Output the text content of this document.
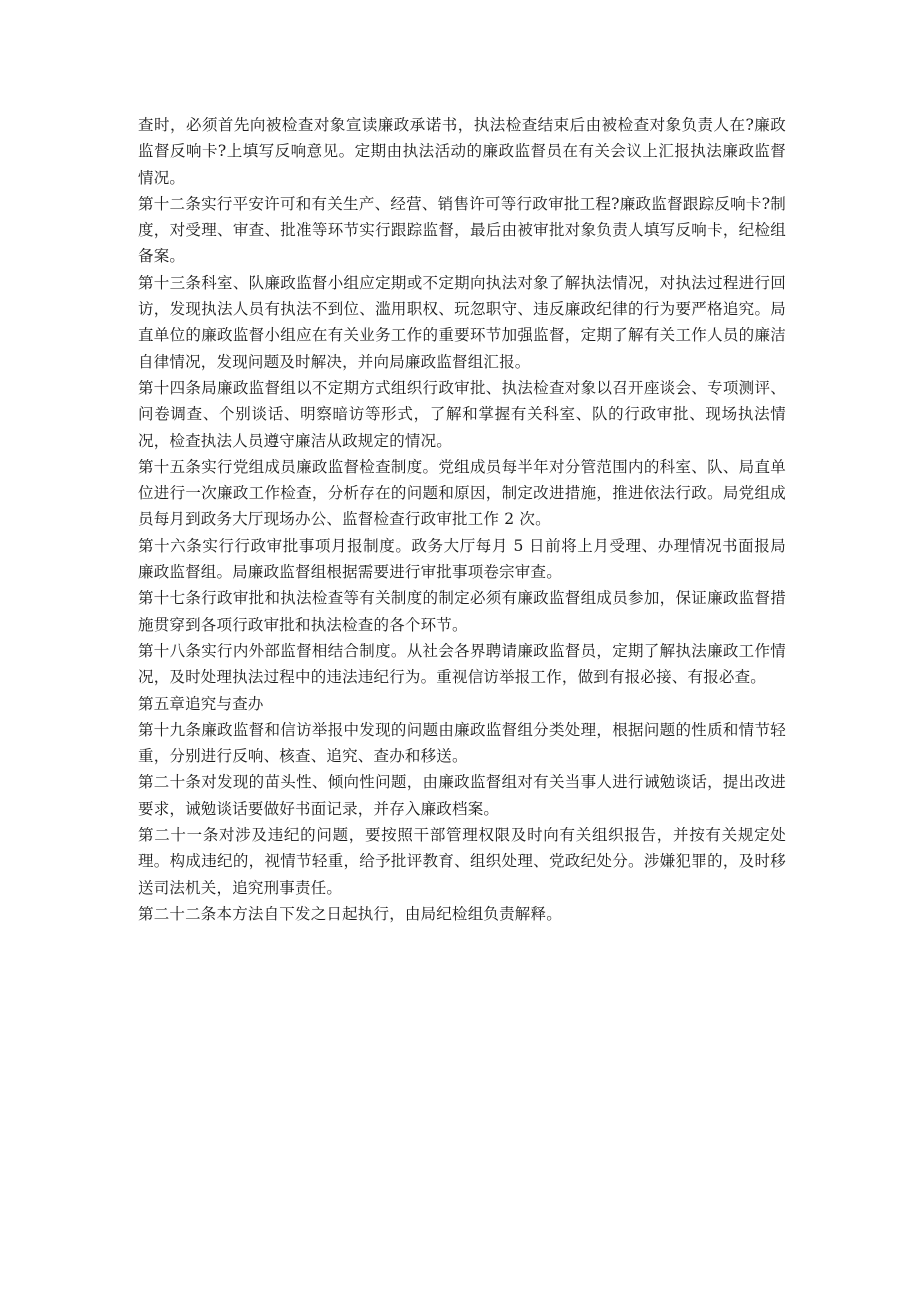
查时，必须首先向被检查对象宣读廉政承诺书，执法检查结束后由被检查对象负责人在?廉政监督反响卡?上填写反响意见。定期由执法活动的廉政监督员在有关会议上汇报执法廉政监督情况。

第十二条实行平安许可和有关生产、经营、销售许可等行政审批工程?廉政监督跟踪反响卡?制度，对受理、审查、批准等环节实行跟踪监督，最后由被审批对象负责人填写反响卡，纪检组备案。

第十三条科室、队廉政监督小组应定期或不定期向执法对象了解执法情况，对执法过程进行回访，发现执法人员有执法不到位、滥用职权、玩忽职守、违反廉政纪律的行为要严格追究。局直单位的廉政监督小组应在有关业务工作的重要环节加强监督，定期了解有关工作人员的廉洁自律情况，发现问题及时解决，并向局廉政监督组汇报。

第十四条局廉政监督组以不定期方式组织行政审批、执法检查对象以召开座谈会、专项测评、问卷调查、个别谈话、明察暗访等形式，了解和掌握有关科室、队的行政审批、现场执法情况，检查执法人员遵守廉洁从政规定的情况。

第十五条实行党组成员廉政监督检查制度。党组成员每半年对分管范围内的科室、队、局直单位进行一次廉政工作检查，分析存在的问题和原因，制定改进措施，推进依法行政。局党组成员每月到政务大厅现场办公、监督检查行政审批工作 2 次。

第十六条实行行政审批事项月报制度。政务大厅每月 5 日前将上月受理、办理情况书面报局廉政监督组。局廉政监督组根据需要进行审批事项卷宗审查。

第十七条行政审批和执法检查等有关制度的制定必须有廉政监督组成员参加，保证廉政监督措施贯穿到各项行政审批和执法检查的各个环节。

第十八条实行内外部监督相结合制度。从社会各界聘请廉政监督员，定期了解执法廉政工作情况，及时处理执法过程中的违法违纪行为。重视信访举报工作，做到有报必接、有报必查。

第五章追究与查办

第十九条廉政监督和信访举报中发现的问题由廉政监督组分类处理，根据问题的性质和情节轻重，分别进行反响、核查、追究、查办和移送。

第二十条对发现的苗头性、倾向性问题，由廉政监督组对有关当事人进行诫勉谈话，提出改进要求，诫勉谈话要做好书面记录，并存入廉政档案。

第二十一条对涉及违纪的问题，要按照干部管理权限及时向有关组织报告，并按有关规定处理。构成违纪的，视情节轻重，给予批评教育、组织处理、党政纪处分。涉嫌犯罪的，及时移送司法机关，追究刑事责任。

第二十二条本方法自下发之日起执行，由局纪检组负责解释。
